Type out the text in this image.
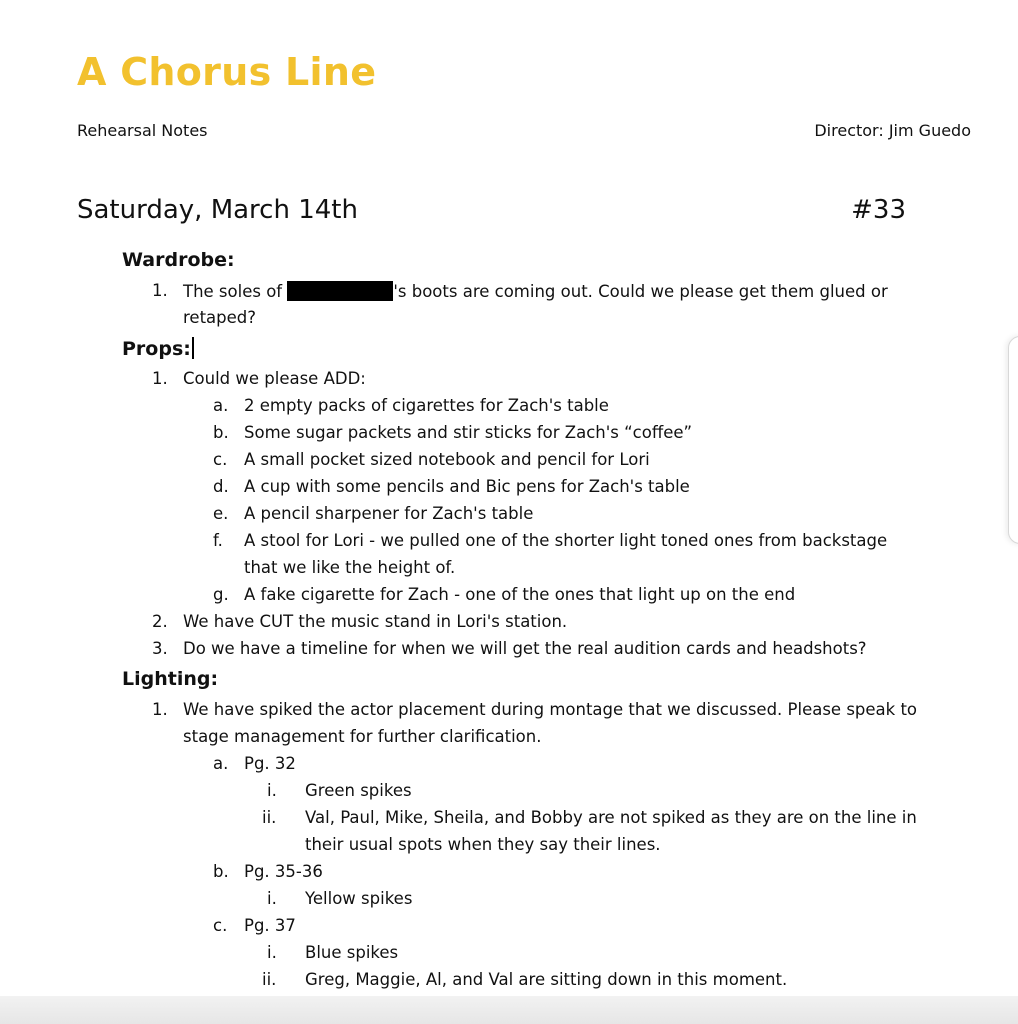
A Chorus Line
Rehearsal Notes	Director: Jim Guedo
Saturday, March 14th	#33
Wardrobe:
1. The soles of	's boots are coming out. Could we please get them glued or
retaped?
Props:
1. Could we please ADD:
a. 2 empty packs of cigarettes for Zach's table
b. Some sugar packets and stir sticks for Zach's “coffee”
c. A small pocket sized notebook and pencil for Lori
d. A cup with some pencils and Bic pens for Zach's table
e. A pencil sharpener for Zach's table
f. A stool for Lori - we pulled one of the shorter light toned ones from backstage
that we like the height of.
g. A fake cigarette for Zach - one of the ones that light up on the end
2. We have CUT the music stand in Lori's station.
3. Do we have a timeline for when we will get the real audition cards and headshots?
Lighting:
1. We have spiked the actor placement during montage that we discussed. Please speak to
stage management for further clarification.
a. Pg. 32
i. Green spikes
ii. Val, Paul, Mike, Sheila, and Bobby are not spiked as they are on the line in
their usual spots when they say their lines.
b. Pg. 35-36
i. Yellow spikes
c. Pg. 37
i. Blue spikes
ii. Greg, Maggie, Al, and Val are sitting down in this moment.
